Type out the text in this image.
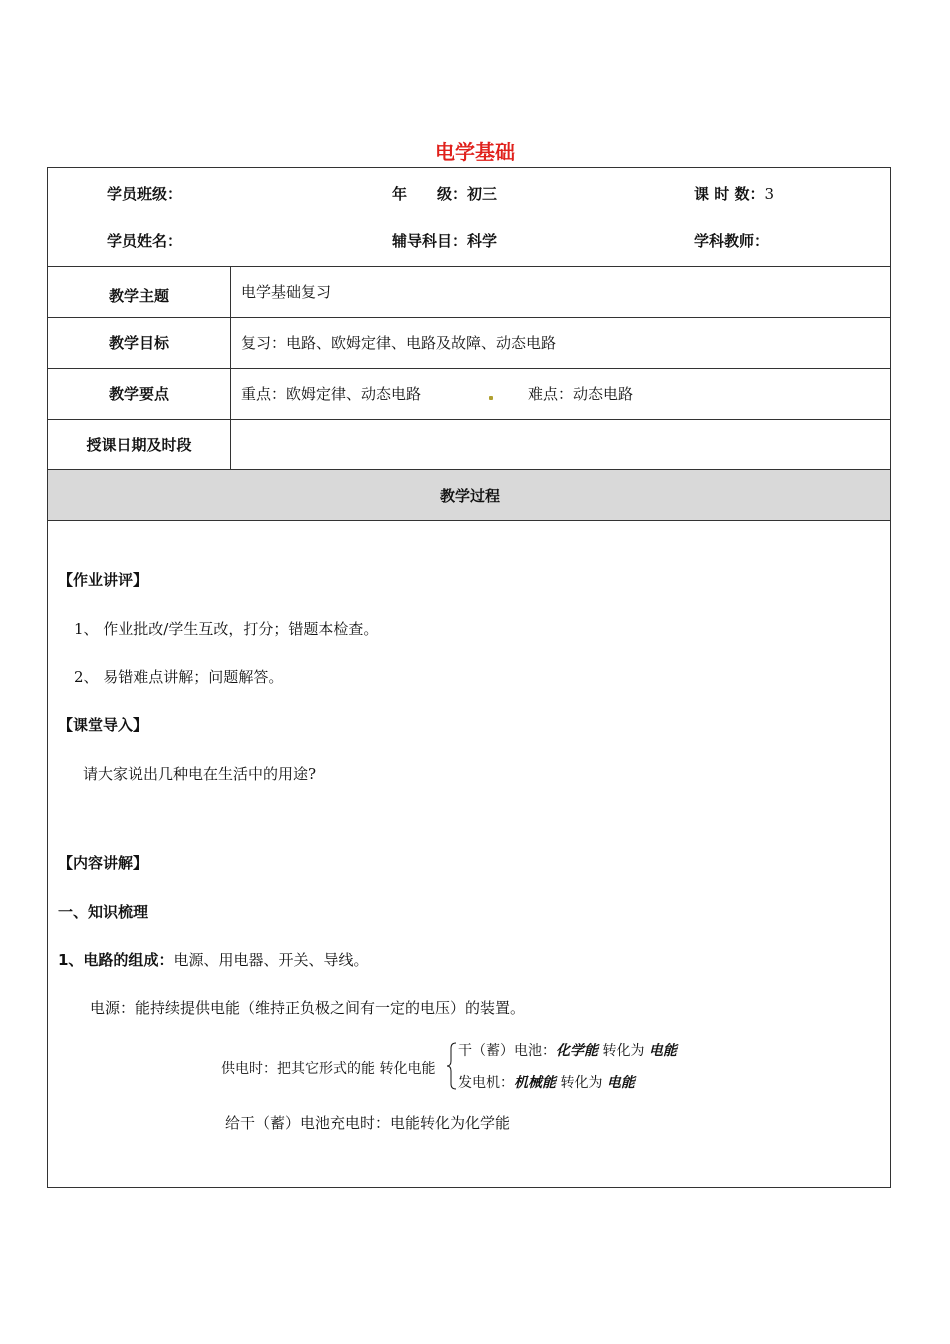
电学基础
学员班级：	年　　级：初三	课 时 数：3
学员姓名：	辅导科目：科学	学科教师：
教学主题	电学基础复习
教学目标	复习：电路、欧姆定律、电路及故障、动态电路
教学要点	重点：欧姆定律、动态电路	难点：动态电路
授课日期及时段
教学过程
【作业讲评】
1、 作业批改/学生互改，打分；错题本检查。
2、 易错难点讲解；问题解答。
【课堂导入】
请大家说出几种电在生活中的用途?
【内容讲解】
一、知识梳理
1、电路的组成：电源、用电器、开关、导线。
电源：能持续提供电能（维持正负极之间有一定的电压）的装置。
供电时：把其它形式的能 转化电能
干（蓄）电池：化学能 转化为 电能
发电机：机械能 转化为 电能
给干（蓄）电池充电时：电能转化为化学能
